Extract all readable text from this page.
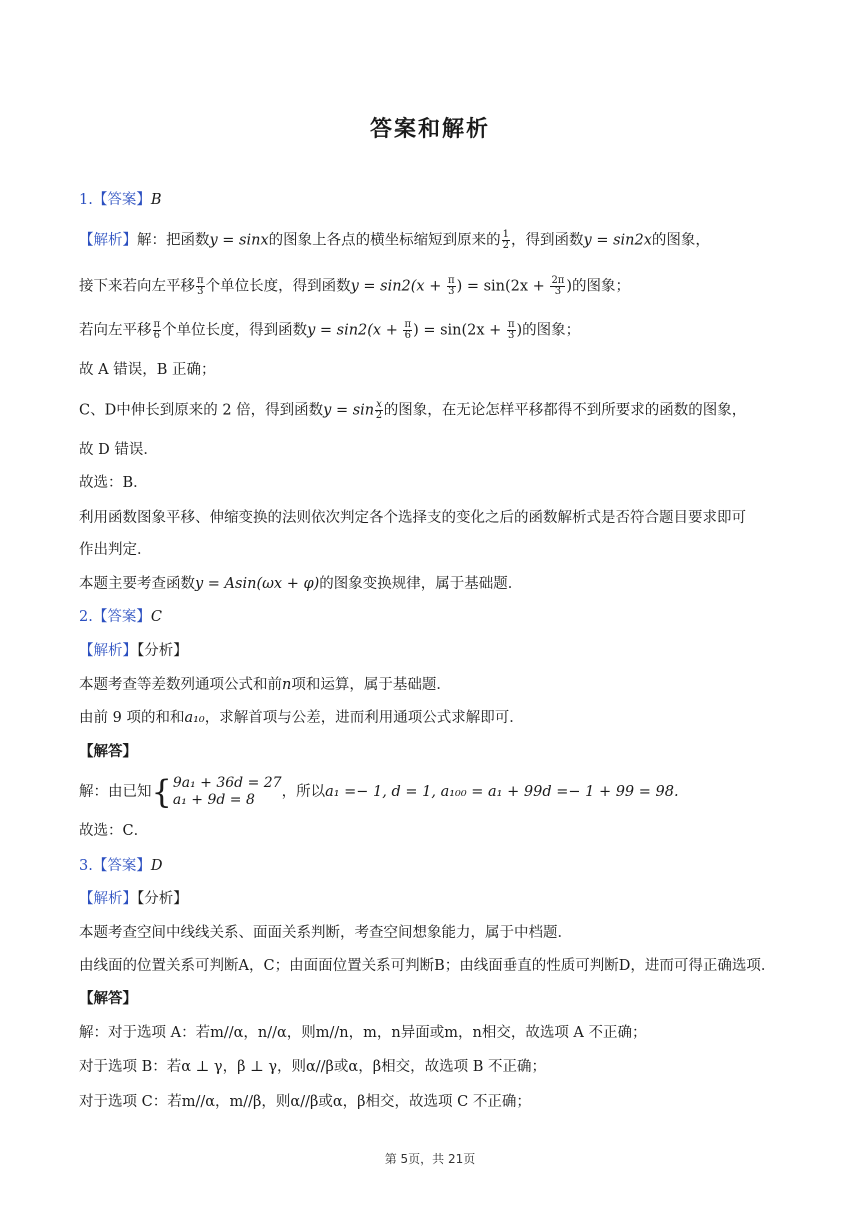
答案和解析
1.【答案】B
【解析】解：把函数y = sinx的图象上各点的横坐标缩短到原来的 $\frac{1}{2}$ ，得到函数y = sin2x的图象，
接下来若向左平移 $\frac{\pi}{3}$ 个单位长度，得到函数$y = \sin 2(x + \frac{\pi}{3}$ ) = $\sin(2x + \frac{2\pi}{3}$ )的图象；
若向左平移 $\frac{\pi}{6}$ 个单位长度，得到函数$y = \sin 2(x + \frac{\pi}{6}$ ) = $\sin(2x + \frac{\pi}{3}$ )的图象；
故 A 错误，B 正确；
C、D中伸长到原来的 2 倍，得到函数$y = \sin \frac{x}{2}$ 的图象，在无论怎样平移都得不到所要求的函数的图象，
故 D 错误．
故选：B．
利用函数图象平移、伸缩变换的法则依次判定各个选择支的变化之后的函数解析式是否符合题目要求即可
作出判定．
本题主要考查函数y = Asin(ωx + φ)的图象变换规律，属于基础题．
2.【答案】C
【解析】【分析】
本题考查等差数列通项公式和前n项和运算，属于基础题．
由前 9 项的和和a₁₀，求解首项与公差，进而利用通项公式求解即可．
【解答】
解：由已知{ 9a₁ + 36d = 27
a₁ + 9d = 8	，所以a₁ =− 1, d = 1, a₁₀₀ = a₁ + 99d =− 1 + 99 = 98.
故选：C．
3.【答案】D
【解析】【分析】
本题考查空间中线线关系、面面关系判断，考查空间想象能力，属于中档题．
由线面的位置关系可判断A，C；由面面位置关系可判断B；由线面垂直的性质可判断D，进而可得正确选项．
【解答】
解：对于选项 A：若m//α，n//α，则m//n，m，n异面或m，n相交，故选项 A 不正确；
对于选项 B：若α ⊥ γ，β ⊥ γ，则α//β或α，β相交，故选项 B 不正确；
对于选项 C：若m//α，m//β，则α//β或α，β相交，故选项 C 不正确；
第 5页，共 21页
